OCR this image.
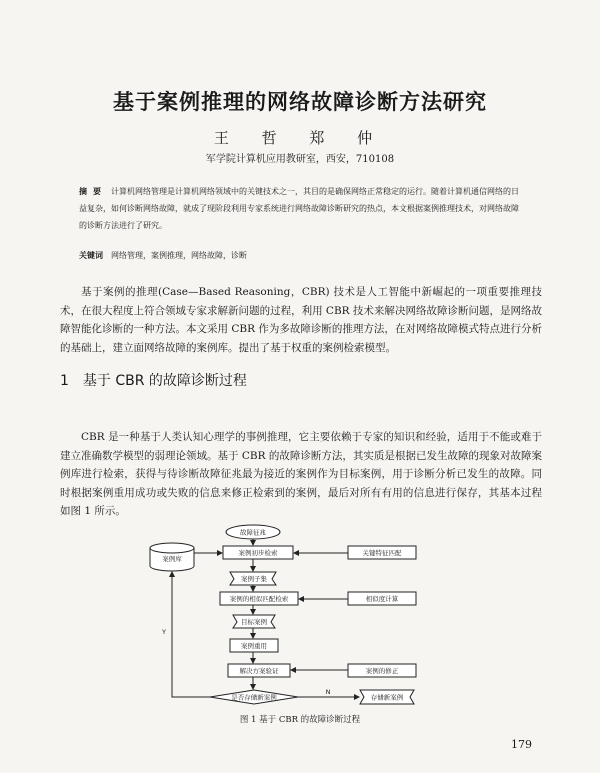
基于案例推理的网络故障诊断方法研究
王 哲 郑 仲
军学院计算机应用教研室，西安，710108
摘要 计算机网络管理是计算机网络领域中的关键技术之一，其目的是确保网络正常稳定的运行。随着计算机通信网络的日益复杂，如何诊断网络故障，就成了现阶段利用专家系统进行网络故障诊断研究的热点，本文根据案例推理技术，对网络故障的诊断方法进行了研究。
关键词 网络管理，案例推理，网络故障，诊断
基于案例的推理(Case—Based Reasoning，CBR) 技术是人工智能中新崛起的一项重要推理技术，在很大程度上符合领域专家求解新问题的过程，利用 CBR 技术来解决网络故障诊断问题，是网络故障智能化诊断的一种方法。本文采用 CBR 作为多故障诊断的推理方法，在对网络故障模式特点进行分析的基础上，建立面网络故障的案例库。提出了基于权重的案例检索模型。
1 基于 CBR 的故障诊断过程
CBR 是一种基于人类认知心理学的事例推理，它主要依赖于专家的知识和经验，适用于不能或难于建立准确数学模型的弱理论领域。基于 CBR 的故障诊断方法，其实质是根据已发生故障的现象对故障案例库进行检索，获得与待诊断故障征兆最为接近的案例作为目标案例，用于诊断分析已发生的故障。同时根据案例重用成功或失败的信息来修正检索到的案例，最后对所有有用的信息进行保存，其基本过程如图 1 所示。
故障征兆
案例库
案例初步检索	关键特征匹配
案例子集
案例的相似匹配检索	相似度计算
目标案例
案例重用
解决方案验证	案例的修正
是否存储新案例	存储新案例
Y
N
图 1 基于 CBR 的故障诊断过程
179
